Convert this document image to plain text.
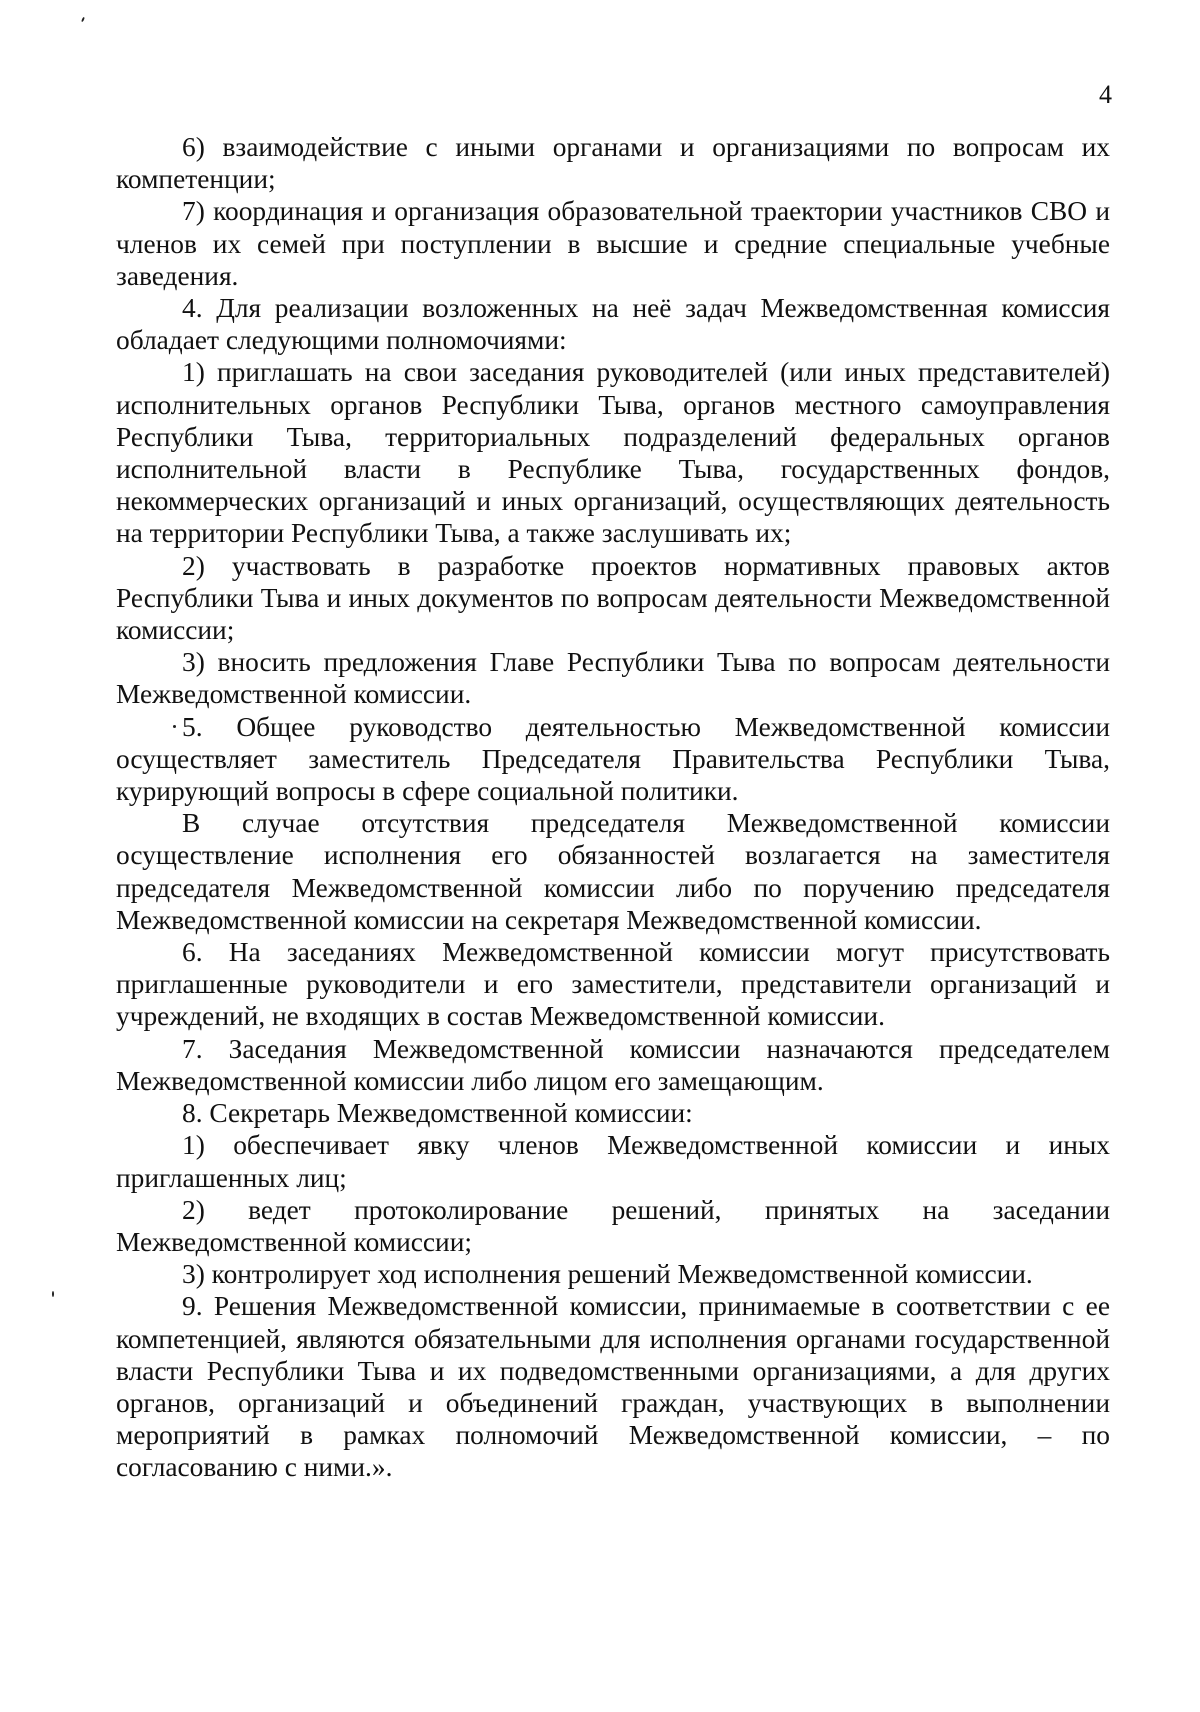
4

6) взаимодействие с иными органами и организациями по вопросам их компетенции;

7) координация и организация образовательной траектории участников СВО и членов их семей при поступлении в высшие и средние специальные учебные заведения.

4. Для реализации возложенных на неё задач Межведомственная комиссия обладает следующими полномочиями:

1) приглашать на свои заседания руководителей (или иных представителей) исполнительных органов Республики Тыва, органов местного самоуправления Республики Тыва, территориальных подразделений федеральных органов исполнительной власти в Республике Тыва, государственных фондов, некоммерческих организаций и иных организаций, осуществляющих деятельность на территории Республики Тыва, а также заслушивать их;

2) участвовать в разработке проектов нормативных правовых актов Республики Тыва и иных документов по вопросам деятельности Межведомственной комиссии;

3) вносить предложения Главе Республики Тыва по вопросам деятельности Межведомственной комиссии.

5. Общее руководство деятельностью Межведомственной комиссии осуществляет заместитель Председателя Правительства Республики Тыва, курирующий вопросы в сфере социальной политики.

В случае отсутствия председателя Межведомственной комиссии осуществление исполнения его обязанностей возлагается на заместителя председателя Межведомственной комиссии либо по поручению председателя Межведомственной комиссии на секретаря Межведомственной комиссии.

6. На заседаниях Межведомственной комиссии могут присутствовать приглашенные руководители и его заместители, представители организаций и учреждений, не входящих в состав Межведомственной комиссии.

7. Заседания Межведомственной комиссии назначаются председателем Межведомственной комиссии либо лицом его замещающим.

8. Секретарь Межведомственной комиссии:

1) обеспечивает явку членов Межведомственной комиссии и иных приглашенных лиц;

2) ведет протоколирование решений, принятых на заседании Межведомственной комиссии;

3) контролирует ход исполнения решений Межведомственной комиссии.

9. Решения Межведомственной комиссии, принимаемые в соответствии с ее компетенцией, являются обязательными для исполнения органами государственной власти Республики Тыва и их подведомственными организациями, а для других органов, организаций и объединений граждан, участвующих в выполнении мероприятий в рамках полномочий Межведомственной комиссии, – по согласованию с ними.».
